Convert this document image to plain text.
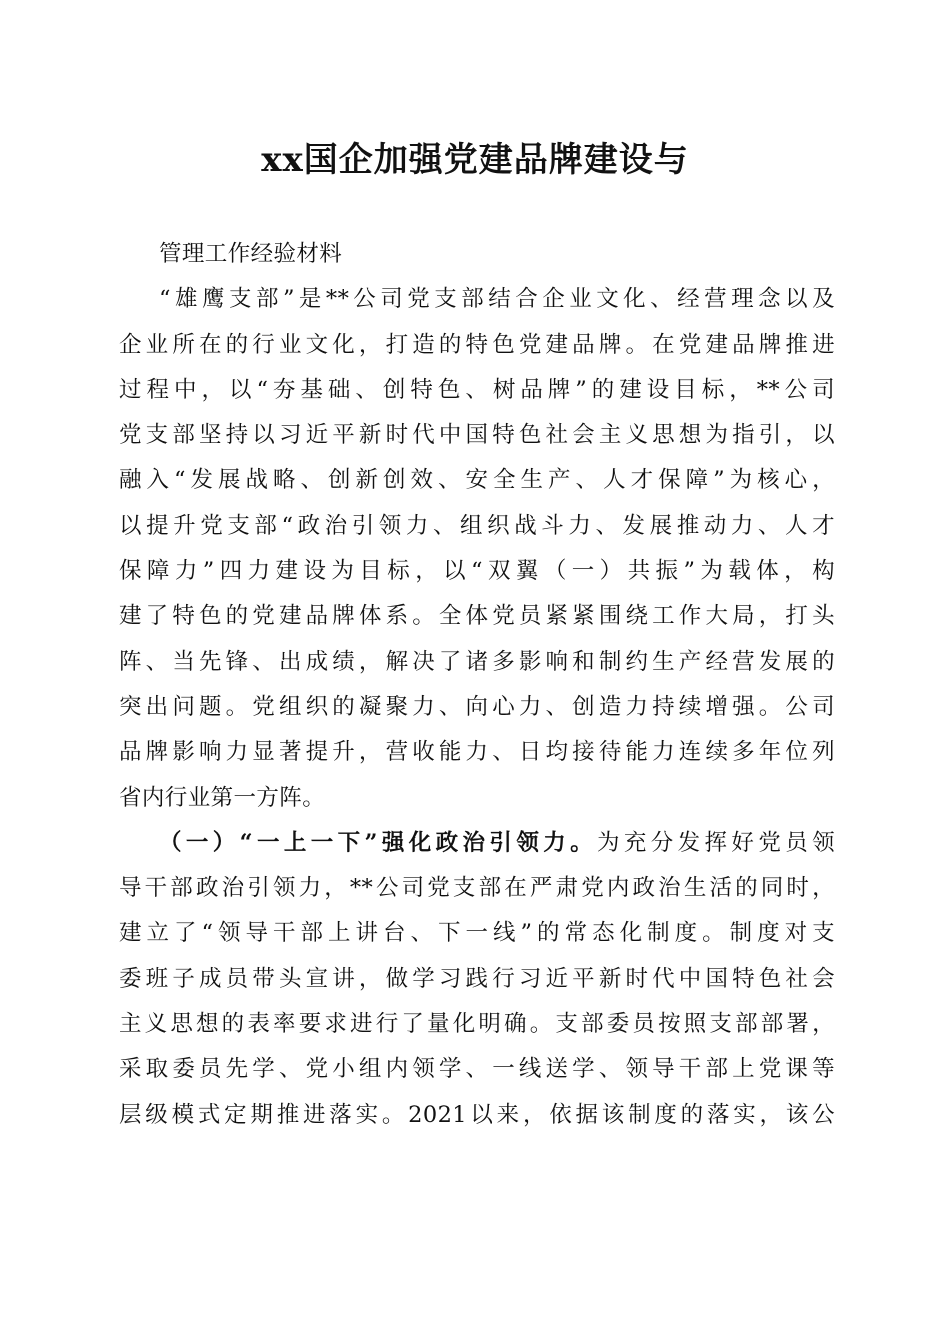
xx国企加强党建品牌建设与
管理工作经验材料
“雄鹰支部”是**公司党支部结合企业文化、经营理念以及
企业所在的行业文化，打造的特色党建品牌。在党建品牌推进
过程中，以“夯基础、创特色、树品牌”的建设目标，**公司
党支部坚持以习近平新时代中国特色社会主义思想为指引，以
融入“发展战略、创新创效、安全生产、人才保障”为核心，
以提升党支部“政治引领力、组织战斗力、发展推动力、人才
保障力”四力建设为目标，以“双翼（一）共振”为载体，构
建了特色的党建品牌体系。全体党员紧紧围绕工作大局，打头
阵、当先锋、出成绩，解决了诸多影响和制约生产经营发展的
突出问题。党组织的凝聚力、向心力、创造力持续增强。公司
品牌影响力显著提升，营收能力、日均接待能力连续多年位列
省内行业第一方阵。
（一）“一上一下”强化政治引领力。为充分发挥好党员领
导干部政治引领力，**公司党支部在严肃党内政治生活的同时，
建立了“领导干部上讲台、下一线”的常态化制度。制度对支
委班子成员带头宣讲，做学习践行习近平新时代中国特色社会
主义思想的表率要求进行了量化明确。支部委员按照支部部署，
采取委员先学、党小组内领学、一线送学、领导干部上党课等
层级模式定期推进落实。2021以来，依据该制度的落实，该公
